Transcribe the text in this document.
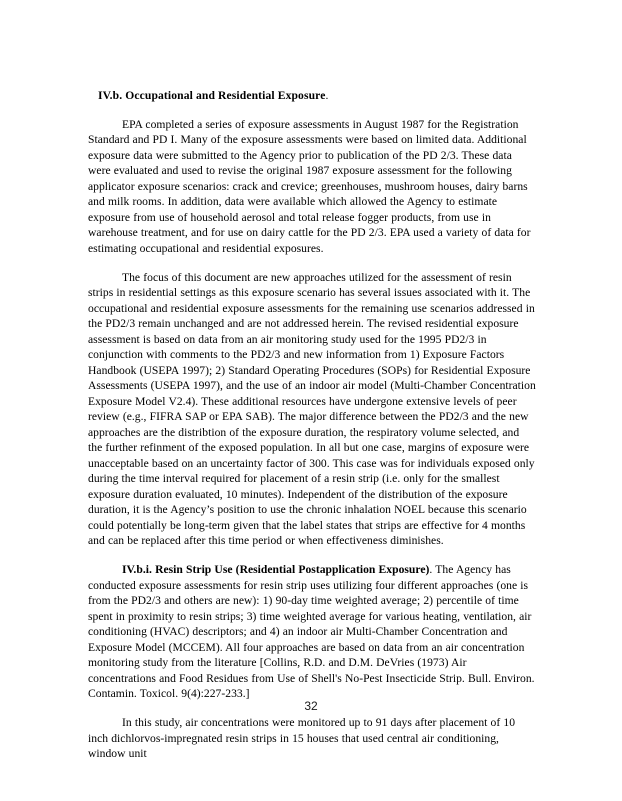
IV.b. Occupational and Residential Exposure.

EPA completed a series of exposure assessments in August 1987 for the Registration Standard and PD I. Many of the exposure assessments were based on limited data. Additional exposure data were submitted to the Agency prior to publication of the PD 2/3. These data were evaluated and used to revise the original 1987 exposure assessment for the following applicator exposure scenarios: crack and crevice; greenhouses, mushroom houses, dairy barns and milk rooms. In addition, data were available which allowed the Agency to estimate exposure from use of household aerosol and total release fogger products, from use in warehouse treatment, and for use on dairy cattle for the PD 2/3. EPA used a variety of data for estimating occupational and residential exposures.

The focus of this document are new approaches utilized for the assessment of resin strips in residential settings as this exposure scenario has several issues associated with it. The occupational and residential exposure assessments for the remaining use scenarios addressed in the PD2/3 remain unchanged and are not addressed herein. The revised residential exposure assessment is based on data from an air monitoring study used for the 1995 PD2/3 in conjunction with comments to the PD2/3 and new information from 1) Exposure Factors Handbook (USEPA 1997); 2) Standard Operating Procedures (SOPs) for Residential Exposure Assessments (USEPA 1997), and the use of an indoor air model (Multi-Chamber Concentration Exposure Model V2.4). These additional resources have undergone extensive levels of peer review (e.g., FIFRA SAP or EPA SAB). The major difference between the PD2/3 and the new approaches are the distribtion of the exposure duration, the respiratory volume selected, and the further refinment of the exposed population. In all but one case, margins of exposure were unacceptable based on an uncertainty factor of 300. This case was for individuals exposed only during the time interval required for placement of a resin strip (i.e. only for the smallest exposure duration evaluated, 10 minutes). Independent of the distribution of the exposure duration, it is the Agency’s position to use the chronic inhalation NOEL because this scenario could potentially be long-term given that the label states that strips are effective for 4 months and can be replaced after this time period or when effectiveness diminishes.

IV.b.i. Resin Strip Use (Residential Postapplication Exposure). The Agency has conducted exposure assessments for resin strip uses utilizing four different approaches (one is from the PD2/3 and others are new): 1) 90-day time weighted average; 2) percentile of time spent in proximity to resin strips; 3) time weighted average for various heating, ventilation, air conditioning (HVAC) descriptors; and 4) an indoor air Multi-Chamber Concentration and Exposure Model (MCCEM). All four approaches are based on data from an air concentration monitoring study from the literature [Collins, R.D. and D.M. DeVries (1973) Air concentrations and Food Residues from Use of Shell's No-Pest Insecticide Strip. Bull. Environ. Contamin. Toxicol. 9(4):227-233.]

In this study, air concentrations were monitored up to 91 days after placement of 10 inch dichlorvos-impregnated resin strips in 15 houses that used central air conditioning, window unit

32
